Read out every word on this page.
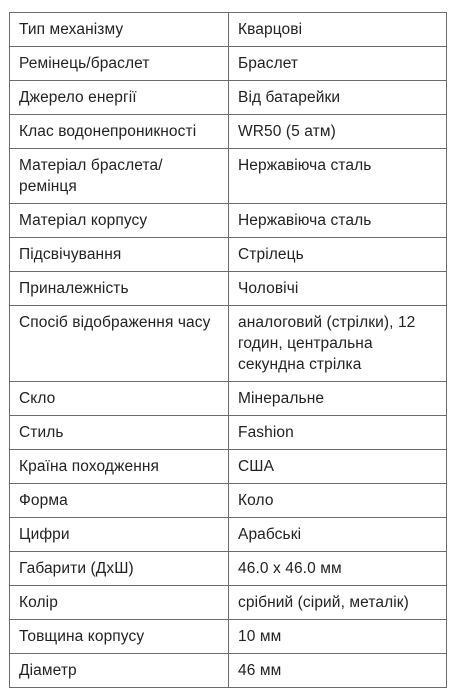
Тип механізму	Кварцові
Ремінець/браслет	Браслет
Джерело енергії	Від батарейки
Клас водонепроникності	WR50 (5 атм)
Матеріал браслета/ ремінця	Нержавіюча сталь
Матеріал корпусу	Нержавіюча сталь
Підсвічування	Стрілець
Приналежність	Чоловічі
Спосіб відображення часу	аналоговий (стрілки), 12 годин, центральна секундна стрілка
Скло	Мінеральне
Стиль	Fashion
Країна походження	США
Форма	Коло
Цифри	Арабські
Габарити (ДхШ)	46.0 x 46.0 мм
Колір	срібний (сірий, металік)
Товщина корпусу	10 мм
Діаметр	46 мм
